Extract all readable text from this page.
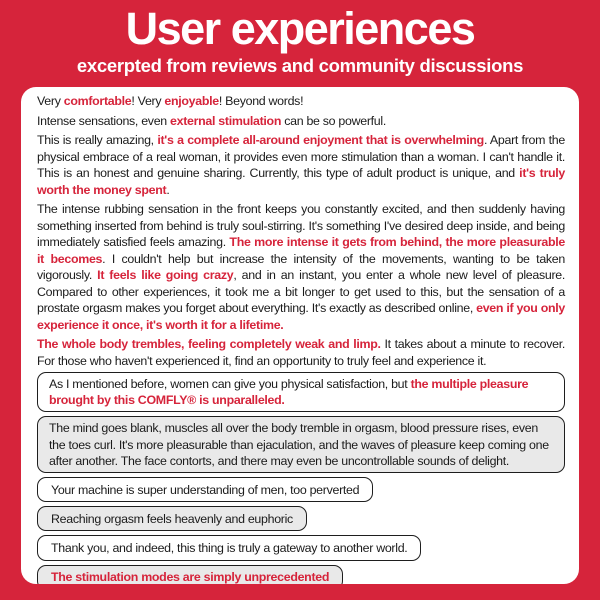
User experiences
excerpted from reviews and community discussions

Very comfortable! Very enjoyable! Beyond words!

Intense sensations, even external stimulation can be so powerful.

This is really amazing, it's a complete all-around enjoyment that is overwhelming. Apart from the physical embrace of a real woman, it provides even more stimulation than a woman. I can't handle it. This is an honest and genuine sharing. Currently, this type of adult product is unique, and it's truly worth the money spent.

The intense rubbing sensation in the front keeps you constantly excited, and then suddenly having something inserted from behind is truly soul-stirring. It's something I've desired deep inside, and being immediately satisfied feels amazing. The more intense it gets from behind, the more pleasurable it becomes. I couldn't help but increase the intensity of the movements, wanting to be taken vigorously. It feels like going crazy, and in an instant, you enter a whole new level of pleasure. Compared to other experiences, it took me a bit longer to get used to this, but the sensation of a prostate orgasm makes you forget about everything. It's exactly as described online, even if you only experience it once, it's worth it for a lifetime.

The whole body trembles, feeling completely weak and limp. It takes about a minute to recover. For those who haven't experienced it, find an opportunity to truly feel and experience it.

As I mentioned before, women can give you physical satisfaction, but the multiple pleasure brought by this COMFLY® is unparalleled.
The mind goes blank, muscles all over the body tremble in orgasm, blood pressure rises, even the toes curl. It's more pleasurable than ejaculation, and the waves of pleasure keep coming one after another. The face contorts, and there may even be uncontrollable sounds of delight.
Your machine is super understanding of men, too perverted
Reaching orgasm feels heavenly and euphoric
Thank you, and indeed, this thing is truly a gateway to another world.
The stimulation modes are simply unprecedented
